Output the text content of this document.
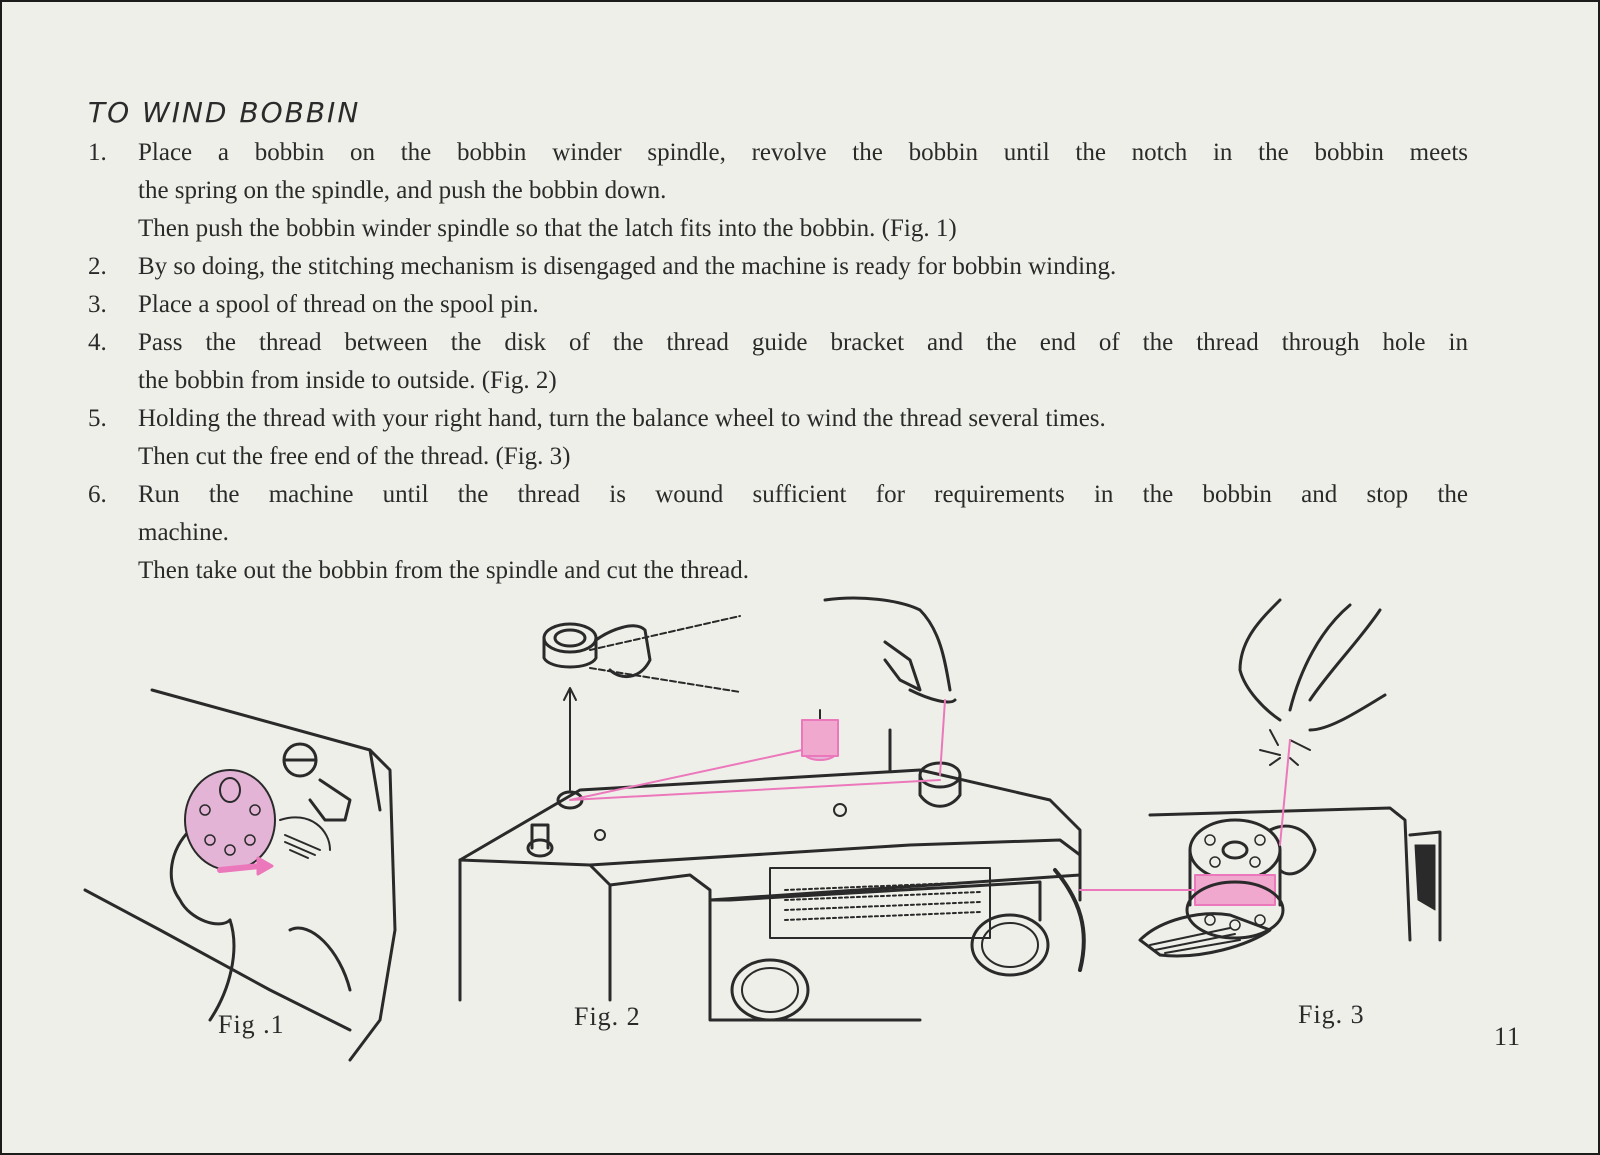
TO WIND BOBBIN
1.	Place a bobbin on the bobbin winder spindle, revolve the bobbin until the notch in the bobbin meets
the spring on the spindle, and push the bobbin down.
Then push the bobbin winder spindle so that the latch fits into the bobbin. (Fig. 1)
2.	By so doing, the stitching mechanism is disengaged and the machine is ready for bobbin winding.
3.	Place a spool of thread on the spool pin.
4.	Pass the thread between the disk of the thread guide bracket and the end of the thread through hole in
the bobbin from inside to outside. (Fig. 2)
5.	Holding the thread with your right hand, turn the balance wheel to wind the thread several times.
Then cut the free end of the thread. (Fig. 3)
6.	Run the machine until the thread is wound sufficient for requirements in the bobbin and stop the
machine.
Then take out the bobbin from the spindle and cut the thread.
Fig .1	Fig. 2	Fig. 3
11
